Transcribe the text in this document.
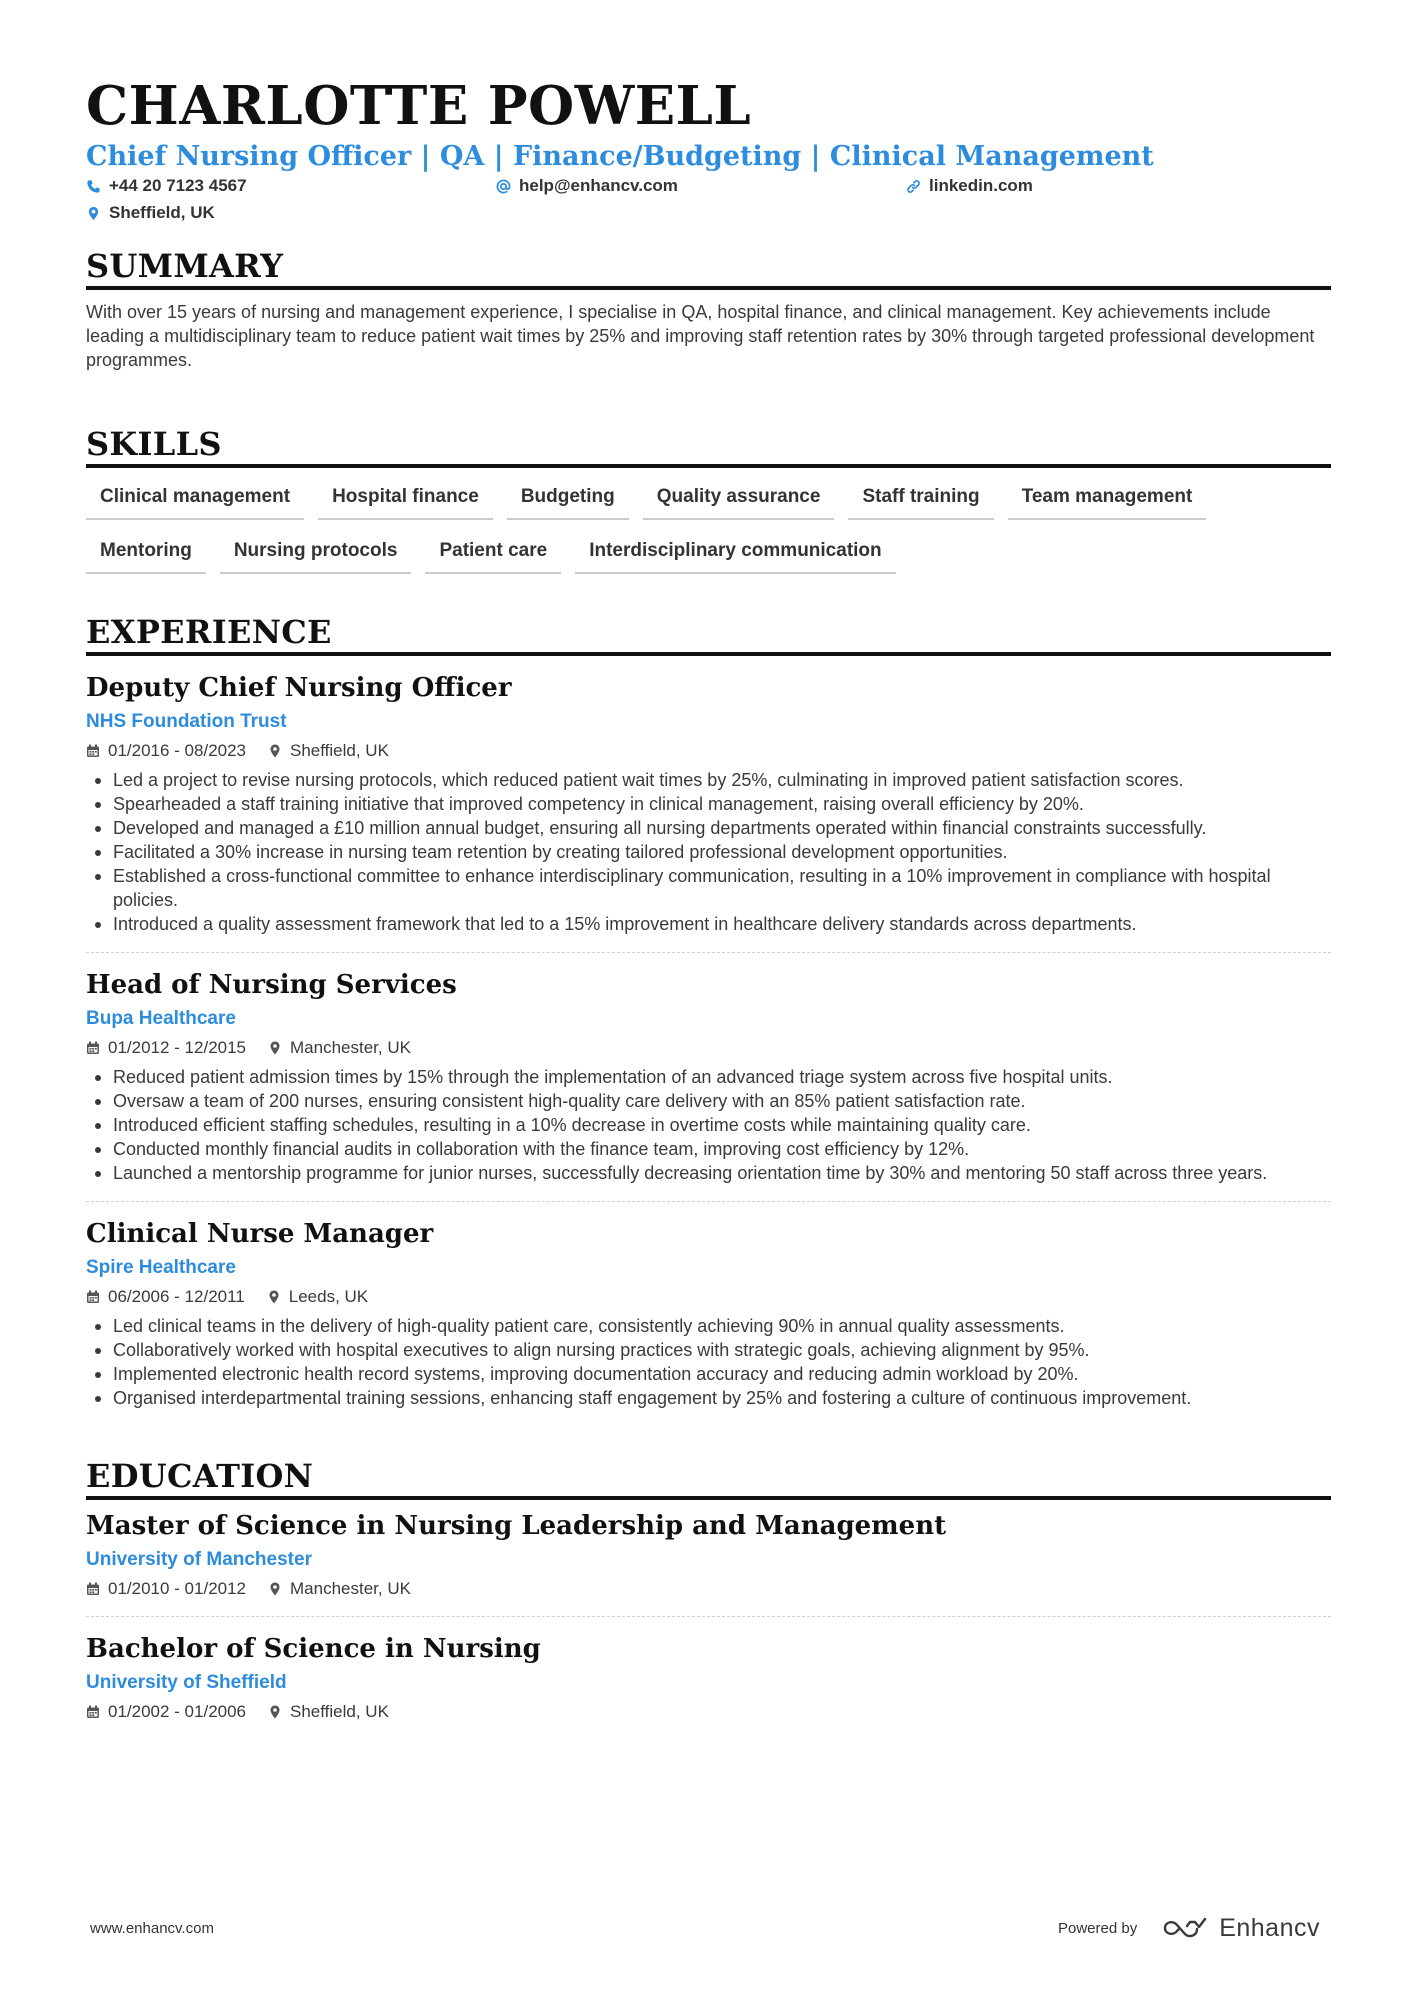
CHARLOTTE POWELL
Chief Nursing Officer | QA | Finance/Budgeting | Clinical Management
+44 20 7123 4567	help@enhancv.com	linkedin.com
Sheffield, UK
SUMMARY
With over 15 years of nursing and management experience, I specialise in QA, hospital finance, and clinical management. Key achievements include leading a multidisciplinary team to reduce patient wait times by 25% and improving staff retention rates by 30% through targeted professional development programmes.
SKILLS
Clinical management	Hospital finance	Budgeting	Quality assurance	Staff training	Team management
Mentoring	Nursing protocols	Patient care	Interdisciplinary communication
EXPERIENCE
Deputy Chief Nursing Officer
NHS Foundation Trust
01/2016 - 08/2023	Sheffield, UK
Led a project to revise nursing protocols, which reduced patient wait times by 25%, culminating in improved patient satisfaction scores.
Spearheaded a staff training initiative that improved competency in clinical management, raising overall efficiency by 20%.
Developed and managed a £10 million annual budget, ensuring all nursing departments operated within financial constraints successfully.
Facilitated a 30% increase in nursing team retention by creating tailored professional development opportunities.
Established a cross-functional committee to enhance interdisciplinary communication, resulting in a 10% improvement in compliance with hospital policies.
Introduced a quality assessment framework that led to a 15% improvement in healthcare delivery standards across departments.
Head of Nursing Services
Bupa Healthcare
01/2012 - 12/2015	Manchester, UK
Reduced patient admission times by 15% through the implementation of an advanced triage system across five hospital units.
Oversaw a team of 200 nurses, ensuring consistent high-quality care delivery with an 85% patient satisfaction rate.
Introduced efficient staffing schedules, resulting in a 10% decrease in overtime costs while maintaining quality care.
Conducted monthly financial audits in collaboration with the finance team, improving cost efficiency by 12%.
Launched a mentorship programme for junior nurses, successfully decreasing orientation time by 30% and mentoring 50 staff across three years.
Clinical Nurse Manager
Spire Healthcare
06/2006 - 12/2011	Leeds, UK
Led clinical teams in the delivery of high-quality patient care, consistently achieving 90% in annual quality assessments.
Collaboratively worked with hospital executives to align nursing practices with strategic goals, achieving alignment by 95%.
Implemented electronic health record systems, improving documentation accuracy and reducing admin workload by 20%.
Organised interdepartmental training sessions, enhancing staff engagement by 25% and fostering a culture of continuous improvement.
EDUCATION
Master of Science in Nursing Leadership and Management
University of Manchester
01/2010 - 01/2012	Manchester, UK
Bachelor of Science in Nursing
University of Sheffield
01/2002 - 01/2006	Sheffield, UK
www.enhancv.com	Powered by	Enhancv
